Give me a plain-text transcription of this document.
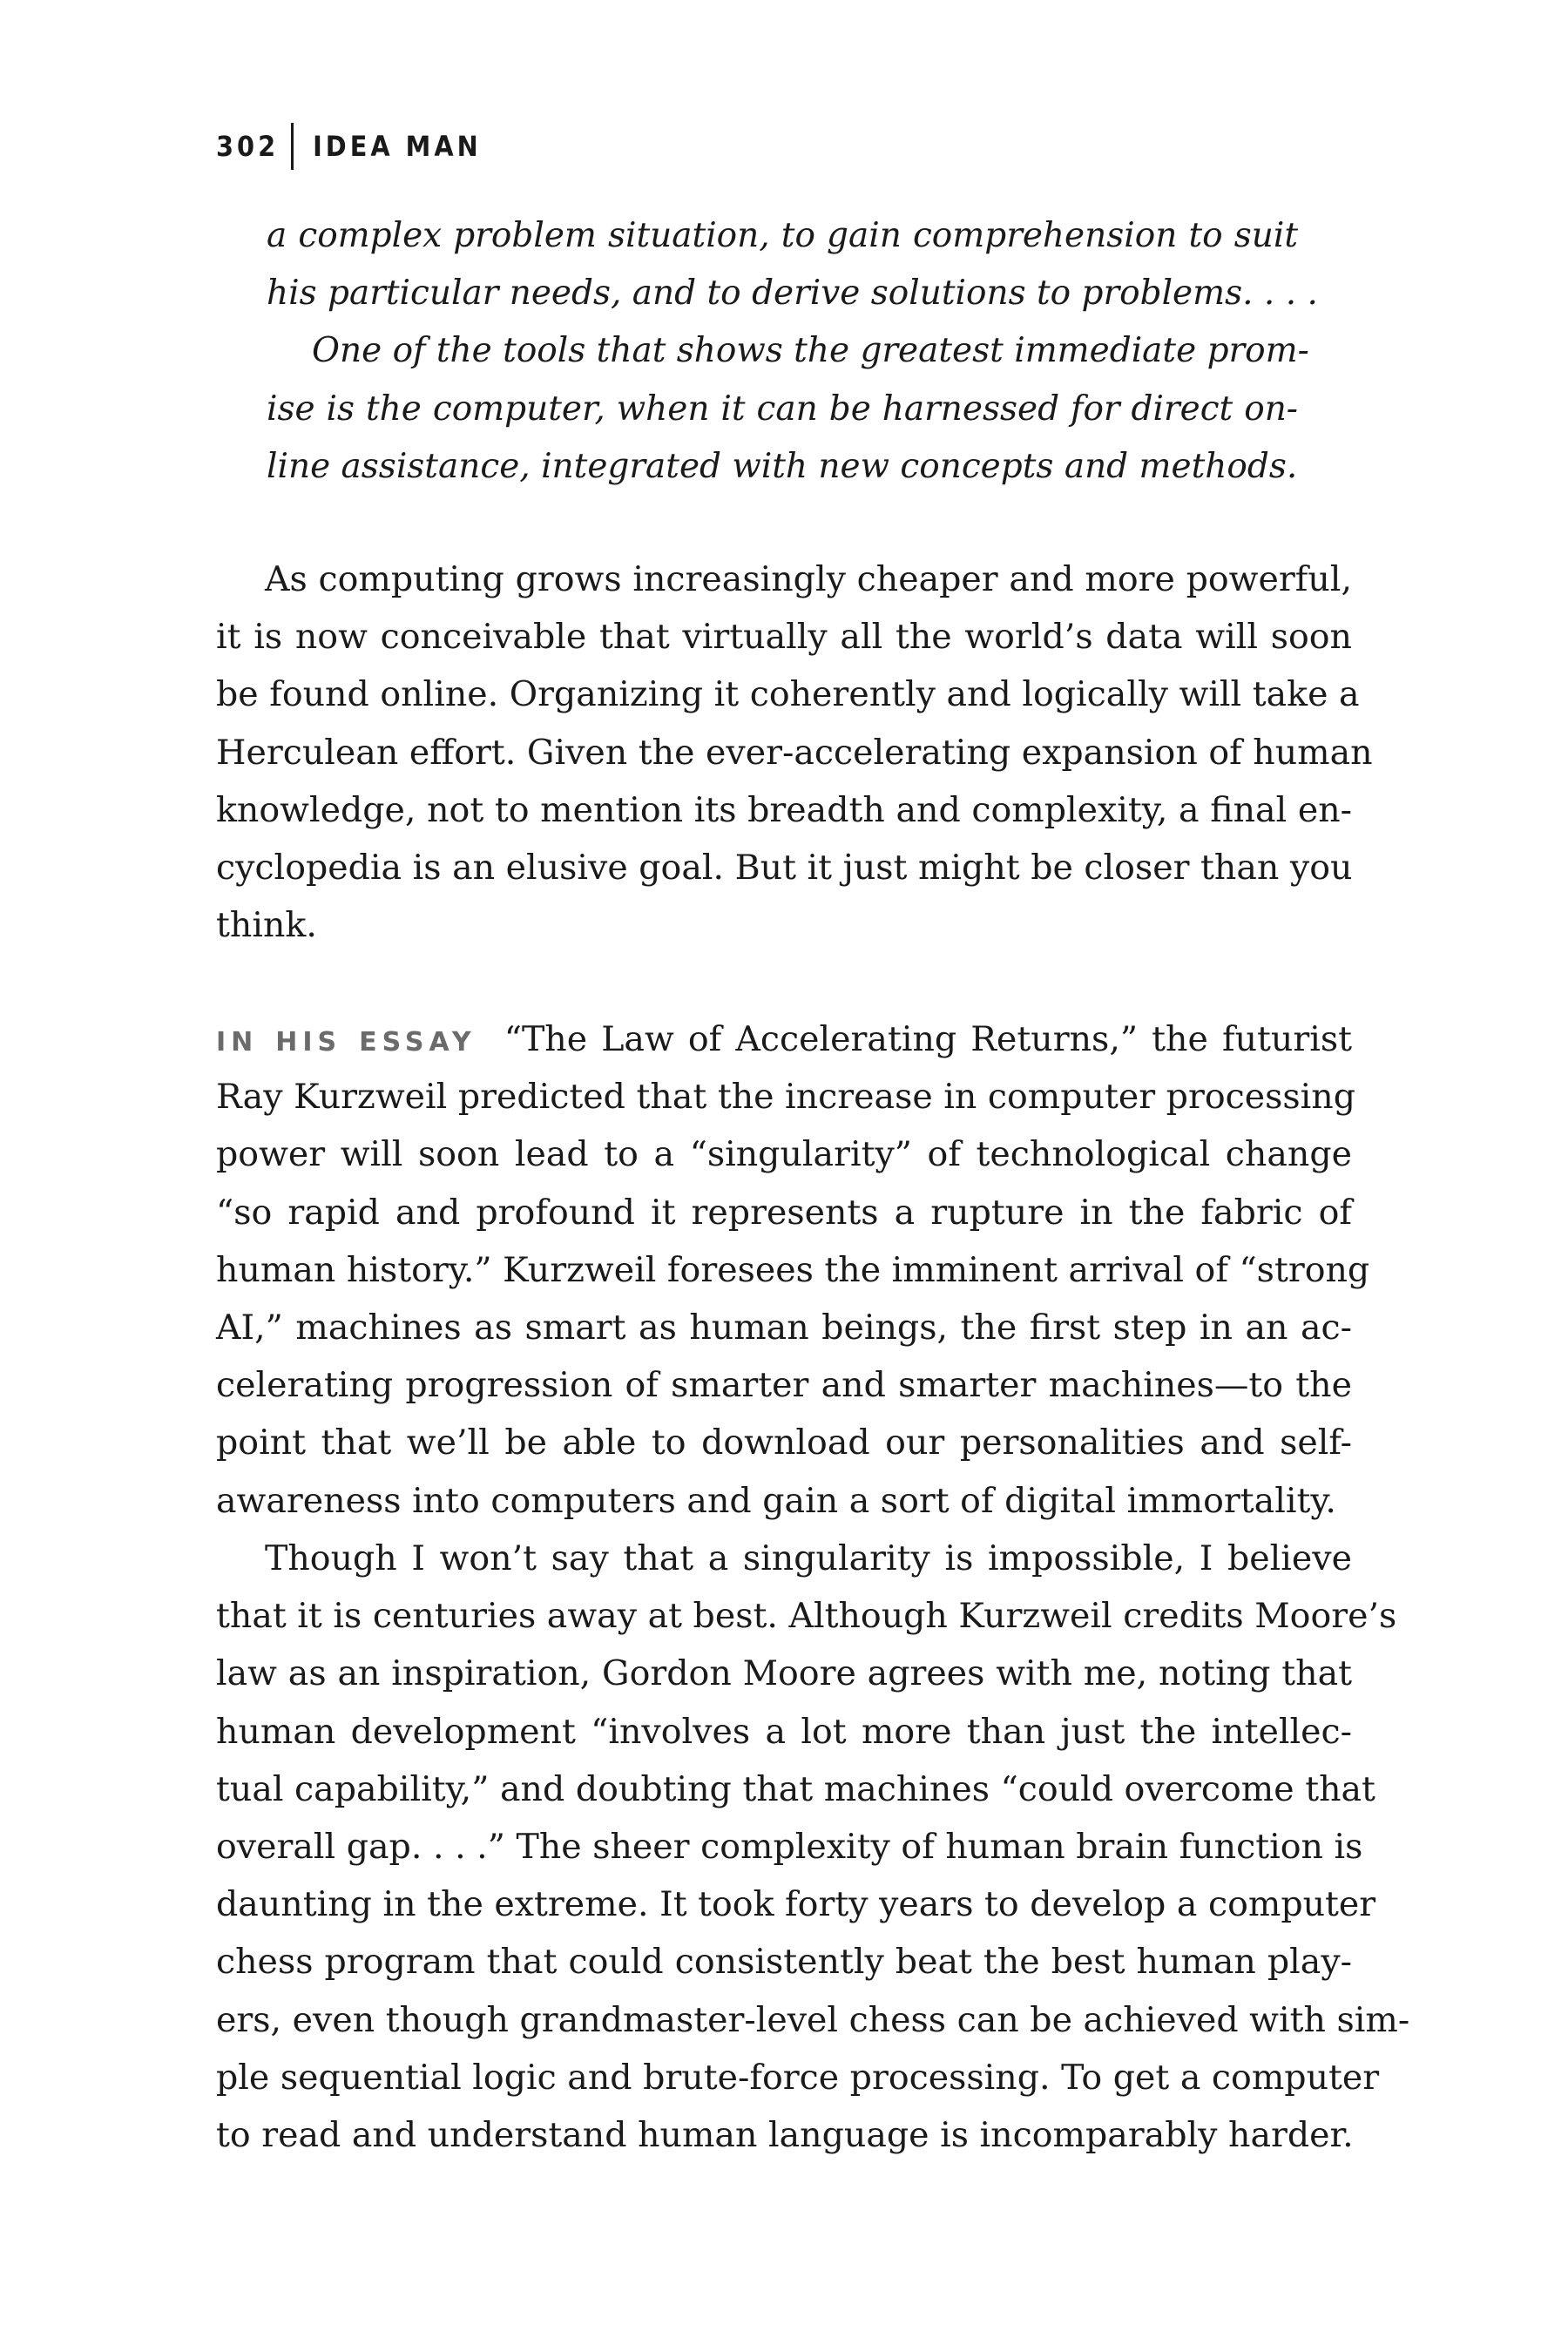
302 IDEA MAN
a complex problem situation, to gain comprehension to suit
his particular needs, and to derive solutions to problems. . . .
One of the tools that shows the greatest immediate prom-
ise is the computer, when it can be harnessed for direct on-
line assistance, integrated with new concepts and methods.
As computing grows increasingly cheaper and more powerful,
it is now conceivable that virtually all the world’s data will soon
be found online. Organizing it coherently and logically will take a
Herculean effort. Given the ever-accelerating expansion of human
knowledge, not to mention its breadth and complexity, a final en-
cyclopedia is an elusive goal. But it just might be closer than you
think.
IN HIS ESSAY “The Law of Accelerating Returns,” the futurist
Ray Kurzweil predicted that the increase in computer processing
power will soon lead to a “singularity” of technological change
“so rapid and profound it represents a rupture in the fabric of
human history.” Kurzweil foresees the imminent arrival of “strong
AI,” machines as smart as human beings, the first step in an ac-
celerating progression of smarter and smarter machines—to the
point that we’ll be able to download our personalities and self-
awareness into computers and gain a sort of digital immortality.
Though I won’t say that a singularity is impossible, I believe
that it is centuries away at best. Although Kurzweil credits Moore’s
law as an inspiration, Gordon Moore agrees with me, noting that
human development “involves a lot more than just the intellec-
tual capability,” and doubting that machines “could overcome that
overall gap. . . .” The sheer complexity of human brain function is
daunting in the extreme. It took forty years to develop a computer
chess program that could consistently beat the best human play-
ers, even though grandmaster-level chess can be achieved with sim-
ple sequential logic and brute-force processing. To get a computer
to read and understand human language is incomparably harder.
